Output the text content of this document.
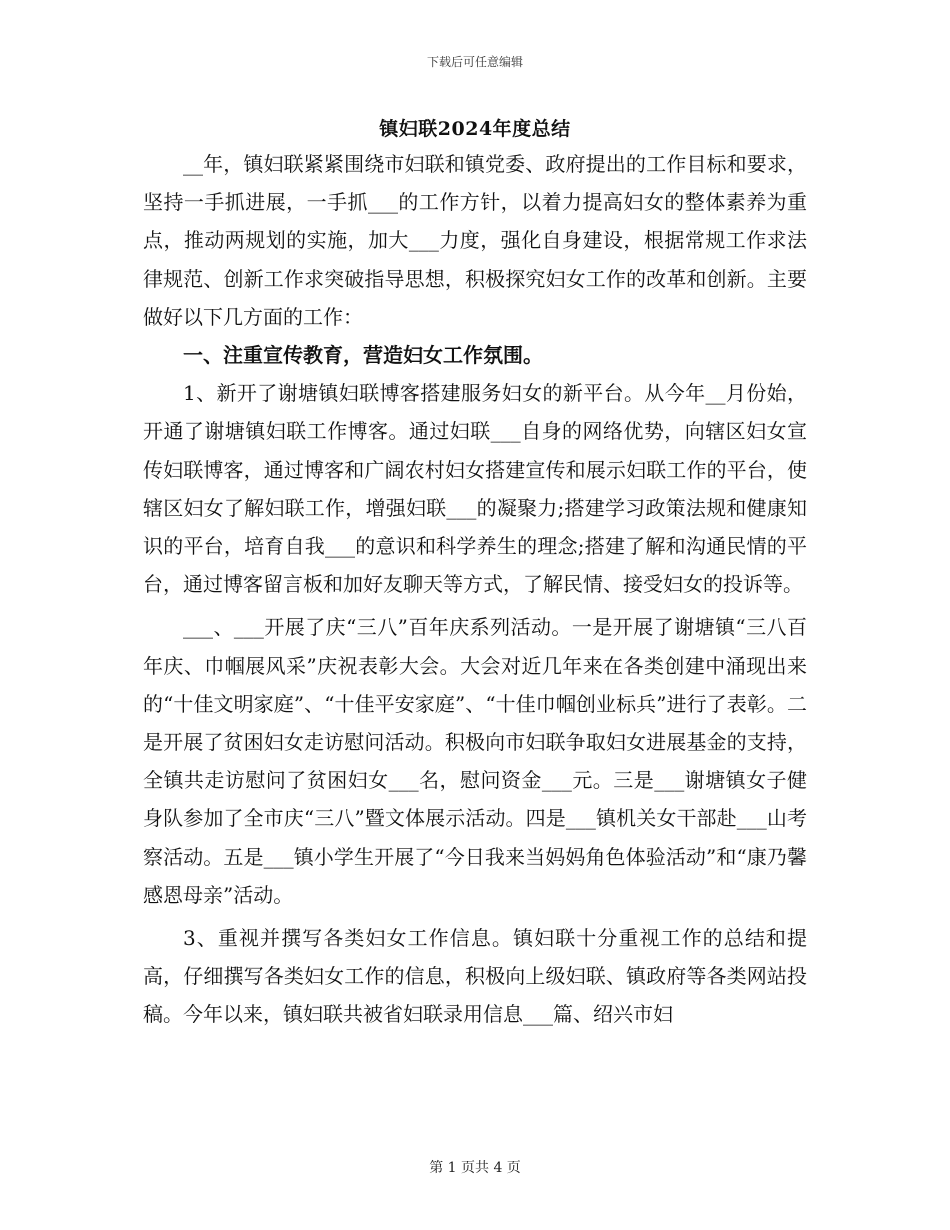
下载后可任意编辑
镇妇联2024年度总结

__年，镇妇联紧紧围绕市妇联和镇党委、政府提出的工作目标和要求，坚持一手抓进展，一手抓___的工作方针，以着力提高妇女的整体素养为重点，推动两规划的实施，加大___力度，强化自身建设，根据常规工作求法律规范、创新工作求突破指导思想，积极探究妇女工作的改革和创新。主要做好以下几方面的工作：

一、注重宣传教育，营造妇女工作氛围。

1、新开了谢塘镇妇联博客搭建服务妇女的新平台。从今年__月份始，开通了谢塘镇妇联工作博客。通过妇联___自身的网络优势，向辖区妇女宣传妇联博客，通过博客和广阔农村妇女搭建宣传和展示妇联工作的平台，使辖区妇女了解妇联工作，增强妇联___的凝聚力;搭建学习政策法规和健康知识的平台，培育自我___的意识和科学养生的理念;搭建了解和沟通民情的平台，通过博客留言板和加好友聊天等方式，了解民情、接受妇女的投诉等。

___、___开展了庆“三八”百年庆系列活动。一是开展了谢塘镇“三八百年庆、巾帼展风采”庆祝表彰大会。大会对近几年来在各类创建中涌现出来的“十佳文明家庭”、“十佳平安家庭”、“十佳巾帼创业标兵”进行了表彰。二是开展了贫困妇女走访慰问活动。积极向市妇联争取妇女进展基金的支持，全镇共走访慰问了贫困妇女___名，慰问资金___元。三是___谢塘镇女子健身队参加了全市庆“三八”暨文体展示活动。四是___镇机关女干部赴___山考察活动。五是___镇小学生开展了“今日我来当妈妈角色体验活动”和“康乃馨感恩母亲”活动。

3、重视并撰写各类妇女工作信息。镇妇联十分重视工作的总结和提高，仔细撰写各类妇女工作的信息，积极向上级妇联、镇政府等各类网站投稿。今年以来，镇妇联共被省妇联录用信息___篇、绍兴市妇

第 1 页共 4 页
